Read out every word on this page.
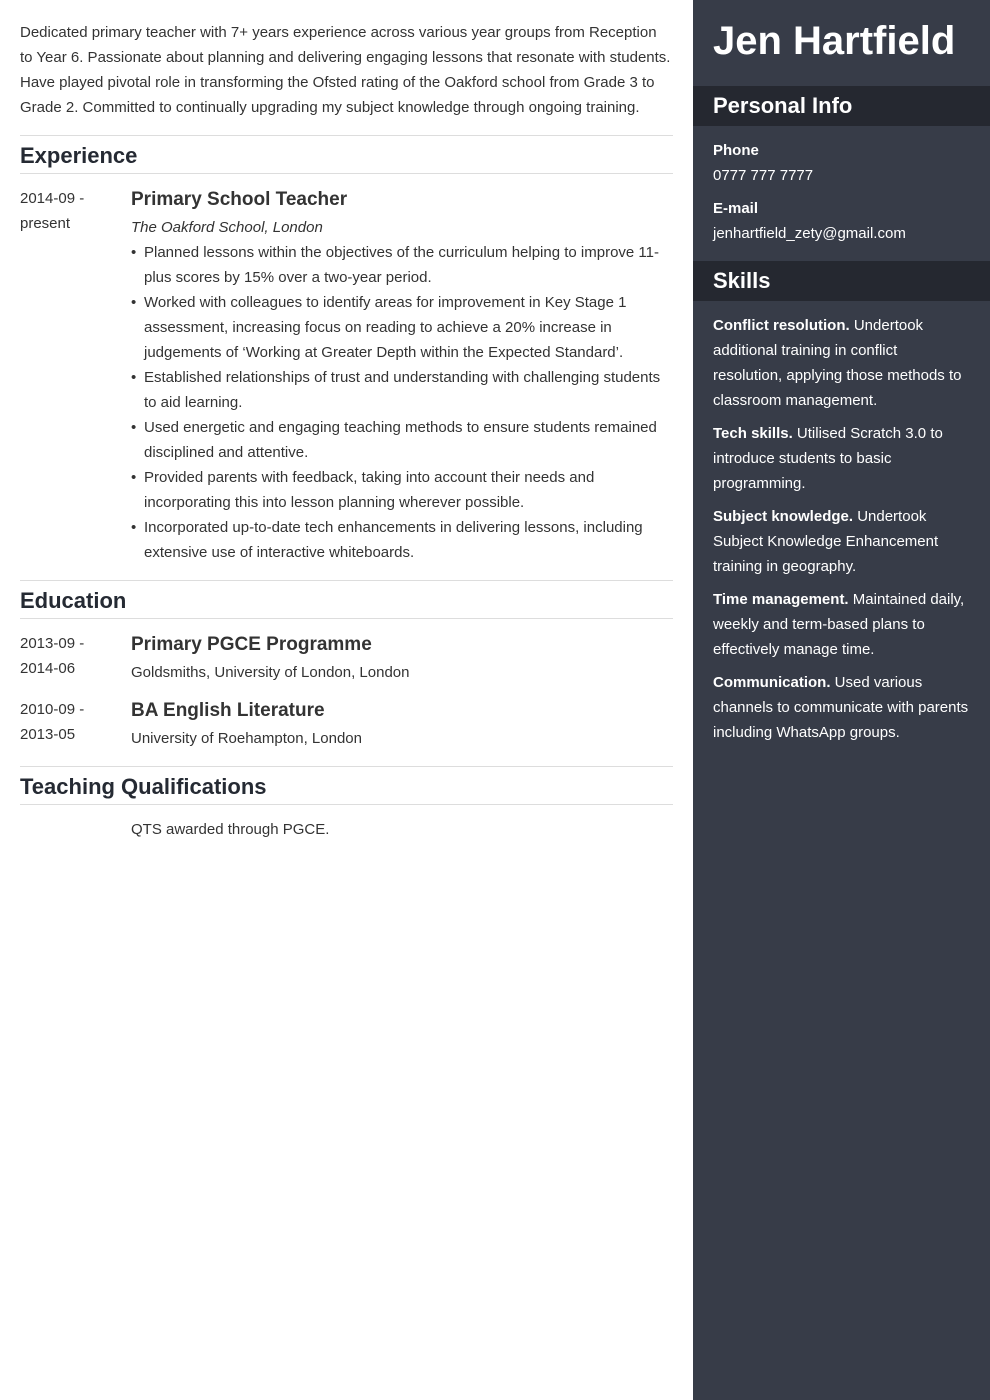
Dedicated primary teacher with 7+ years experience across various year groups from Reception to Year 6. Passionate about planning and delivering engaging lessons that resonate with students. Have played pivotal role in transforming the Ofsted rating of the Oakford school from Grade 3 to Grade 2. Committed to continually upgrading my subject knowledge through ongoing training.

Experience
2014-09 -
present
Primary School Teacher
The Oakford School, London
• Planned lessons within the objectives of the curriculum helping to improve 11-plus scores by 15% over a two-year period.
• Worked with colleagues to identify areas for improvement in Key Stage 1 assessment, increasing focus on reading to achieve a 20% increase in judgements of ‘Working at Greater Depth within the Expected Standard’.
• Established relationships of trust and understanding with challenging students to aid learning.
• Used energetic and engaging teaching methods to ensure students remained disciplined and attentive.
• Provided parents with feedback, taking into account their needs and incorporating this into lesson planning wherever possible.
• Incorporated up-to-date tech enhancements in delivering lessons, including extensive use of interactive whiteboards.
Education
2013-09 -
2014-06
Primary PGCE Programme
Goldsmiths, University of London, London
2010-09 -
2013-05
BA English Literature
University of Roehampton, London
Teaching Qualifications
QTS awarded through PGCE.
Jen Hartfield
Personal Info
Phone
0777 777 7777
E-mail
jenhartfield_zety@gmail.com
Skills

Conflict resolution. Undertook additional training in conflict resolution, applying those methods to classroom management.

Tech skills. Utilised Scratch 3.0 to introduce students to basic programming.

Subject knowledge. Undertook Subject Knowledge Enhancement training in geography.

Time management. Maintained daily, weekly and term-based plans to effectively manage time.

Communication. Used various channels to communicate with parents including WhatsApp groups.
